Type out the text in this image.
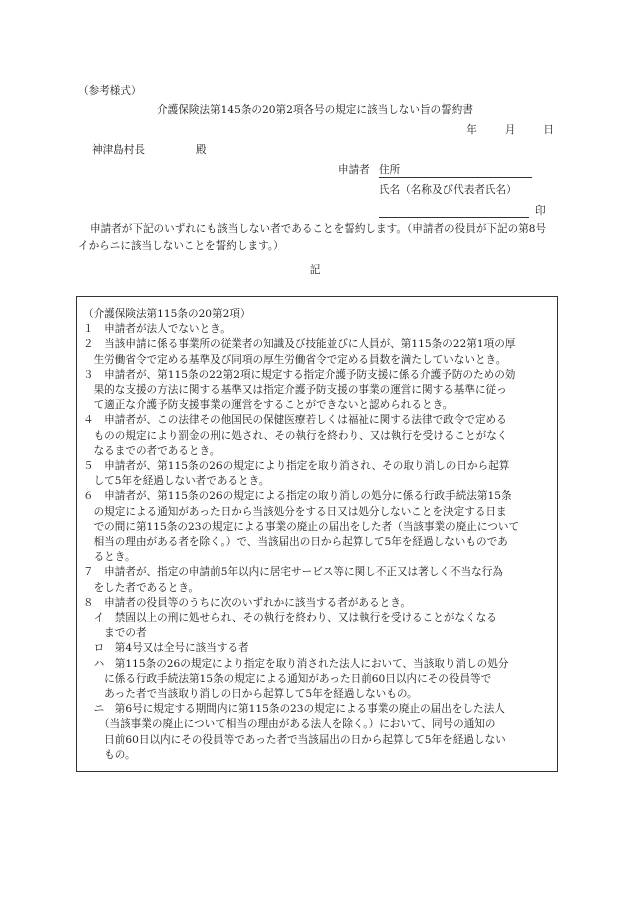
（参考様式）
介護保険法第145条の20第2項各号の規定に該当しない旨の誓約書
年	月	日
神津島村長	殿
申請者 住所
氏名（名称及び代表者氏名）
印
申請者が下記のいずれにも該当しない者であることを誓約します。（申請者の役員が下記の第8号イからニに該当しないことを誓約します。）
記
（介護保険法第115条の20第2項）
１　申請者が法人でないとき。
２　当該申請に係る事業所の従業者の知識及び技能並びに人員が、第115条の22第1項の厚
　生労働省令で定める基準及び同項の厚生労働省令で定める員数を満たしていないとき。
３　申請者が、第115条の22第2項に規定する指定介護予防支援に係る介護予防のための効
　果的な支援の方法に関する基準又は指定介護予防支援の事業の運営に関する基準に従っ
　て適正な介護予防支援事業の運営をすることができないと認められるとき。
４　申請者が、この法律その他国民の保健医療若しくは福祉に関する法律で政令で定める
　ものの規定により罰金の刑に処され、その執行を終わり、又は執行を受けることがなく
　なるまでの者であるとき。
５　申請者が、第115条の26の規定により指定を取り消され、その取り消しの日から起算
　して5年を経過しない者であるとき。
６　申請者が、第115条の26の規定による指定の取り消しの処分に係る行政手続法第15条
　の規定による通知があった日から当該処分をする日又は処分しないことを決定する日ま
　での間に第115条の23の規定による事業の廃止の届出をした者（当該事業の廃止について
　相当の理由がある者を除く。）で、当該届出の日から起算して5年を経過しないものであ
　るとき。
７　申請者が、指定の申請前5年以内に居宅サービス等に関し不正又は著しく不当な行為
　をした者であるとき。
８　申請者の役員等のうちに次のいずれかに該当する者があるとき。
　イ　禁固以上の刑に処せられ、その執行を終わり、又は執行を受けることがなくなる
　　までの者
　ロ　第4号又は全号に該当する者
　ハ　第115条の26の規定により指定を取り消された法人において、当該取り消しの処分
　　に係る行政手続法第15条の規定による通知があった日前60日以内にその役員等で
　　あった者で当該取り消しの日から起算して5年を経過しないもの。
　ニ　第6号に規定する期間内に第115条の23の規定による事業の廃止の届出をした法人
　　（当該事業の廃止について相当の理由がある法人を除く。）において、同号の通知の
　　日前60日以内にその役員等であった者で当該届出の日から起算して5年を経過しない
　　もの。
